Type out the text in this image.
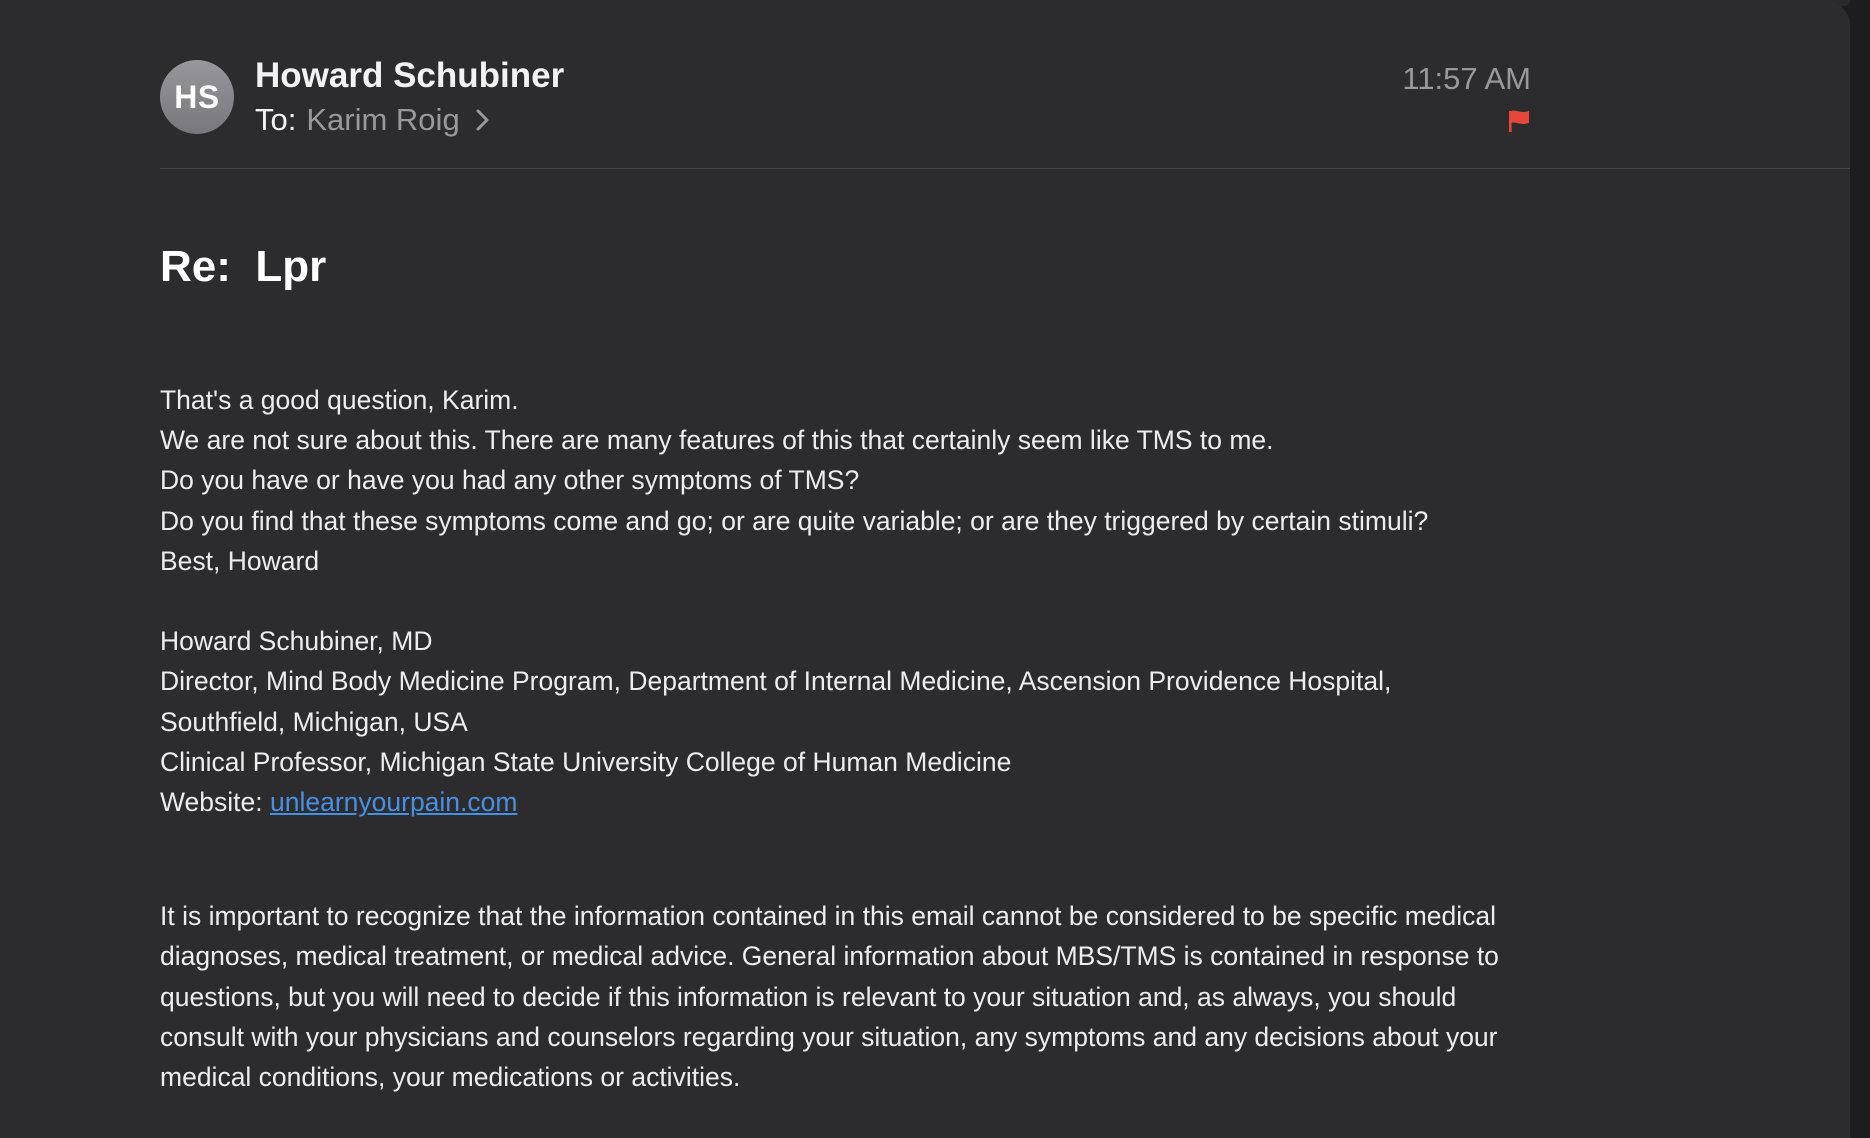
HS
Howard Schubiner
To: Karim Roig
11:57 AM
Re:  Lpr

That's a good question, Karim.

We are not sure about this. There are many features of this that certainly seem like TMS to me.

Do you have or have you had any other symptoms of TMS?

Do you find that these symptoms come and go; or are quite variable; or are they triggered by certain stimuli?

Best, Howard

Howard Schubiner, MD

Director, Mind Body Medicine Program, Department of Internal Medicine, Ascension Providence Hospital,

Southfield, Michigan, USA

Clinical Professor, Michigan State University College of Human Medicine

Website: unlearnyourpain.com

It is important to recognize that the information contained in this email cannot be considered to be specific medical diagnoses, medical treatment, or medical advice. General information about MBS/TMS is contained in response to questions, but you will need to decide if this information is relevant to your situation and, as always, you should consult with your physicians and counselors regarding your situation, any symptoms and any decisions about your medical conditions, your medications or activities.
